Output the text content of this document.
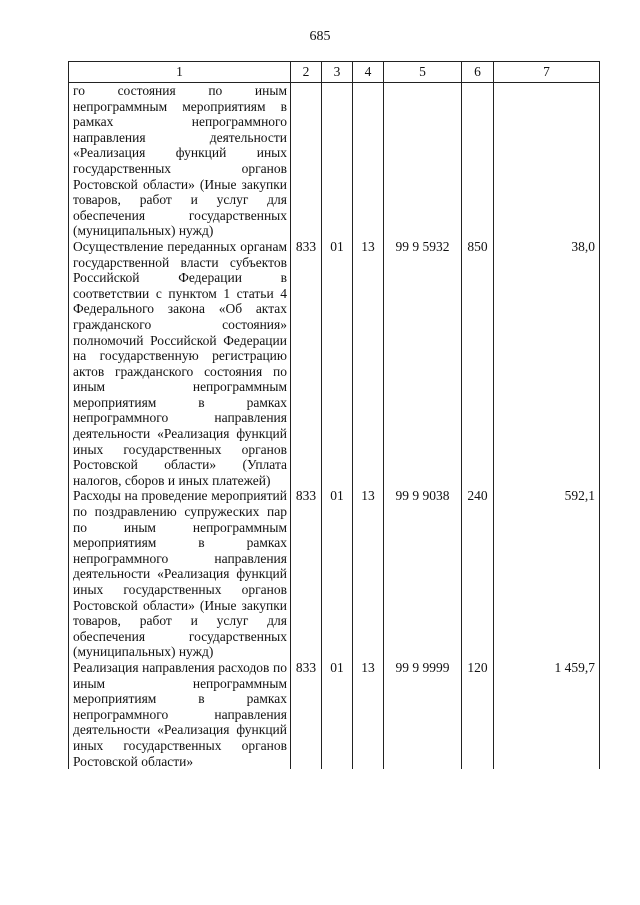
685
1	2	3	4	5	6	7
го состояния по иным непрограммным мероприятиям в рамках непрограммного направления деятельности «Реализация функций иных государственных органов Ростовской области» (Иные закупки товаров, работ и услуг для обеспечения государственных (муниципальных) нужд)						
Осуществление переданных органам государственной власти субъектов Российской Федерации в соответствии с пунктом 1 статьи 4 Федерального закона «Об актах гражданского состояния» полномочий Российской Федерации на государственную регистрацию актов гражданского состояния по иным непрограммным мероприятиям в рамках непрограммного направления деятельности «Реализация функций иных государственных органов Ростовской области» (Уплата налогов, сборов и иных платежей)	833	01	13	99 9 5932	850	38,0
Расходы на проведение мероприятий по поздравлению супружеских пар по иным непрограммным мероприятиям в рамках непрограммного направления деятельности «Реализация функций иных государственных органов Ростовской области» (Иные закупки товаров, работ и услуг для обеспечения государственных (муниципальных) нужд)	833	01	13	99 9 9038	240	592,1
Реализация направления расходов по иным непрограммным мероприятиям в рамках непрограммного направления деятельности «Реализация функций иных государственных органов Ростовской области»	833	01	13	99 9 9999	120	1 459,7
